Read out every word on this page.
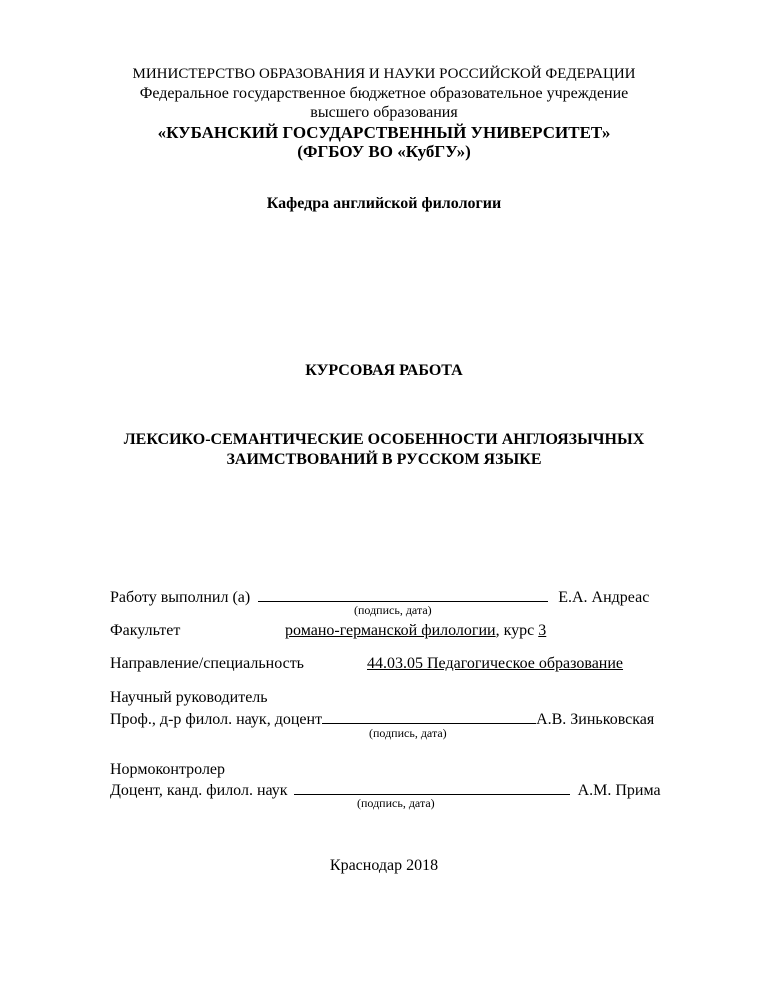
МИНИСТЕРСТВО ОБРАЗОВАНИЯ И НАУКИ РОССИЙСКОЙ ФЕДЕРАЦИИ
Федеральное государственное бюджетное образовательное учреждение
высшего образования
«КУБАНСКИЙ ГОСУДАРСТВЕННЫЙ УНИВЕРСИТЕТ»
(ФГБОУ ВО «КубГУ»)
Кафедра английской филологии
КУРСОВАЯ РАБОТА
ЛЕКСИКО-СЕМАНТИЧЕСКИЕ ОСОБЕННОСТИ АНГЛОЯЗЫЧНЫХ
ЗАИМСТВОВАНИЙ В РУССКОМ ЯЗЫКЕ
Работу выполнил (а)	Е.А. Андреас
(подпись, дата)
Факультет	романо-германской филологии, курс 3
Направление/специальность	44.03.05 Педагогическое образование
Научный руководитель
Проф., д-р филол. наук, доцент	А.В. Зиньковская
(подпись, дата)
Нормоконтролер
Доцент, канд. филол. наук	А.М. Прима
(подпись, дата)
Краснодар 2018
